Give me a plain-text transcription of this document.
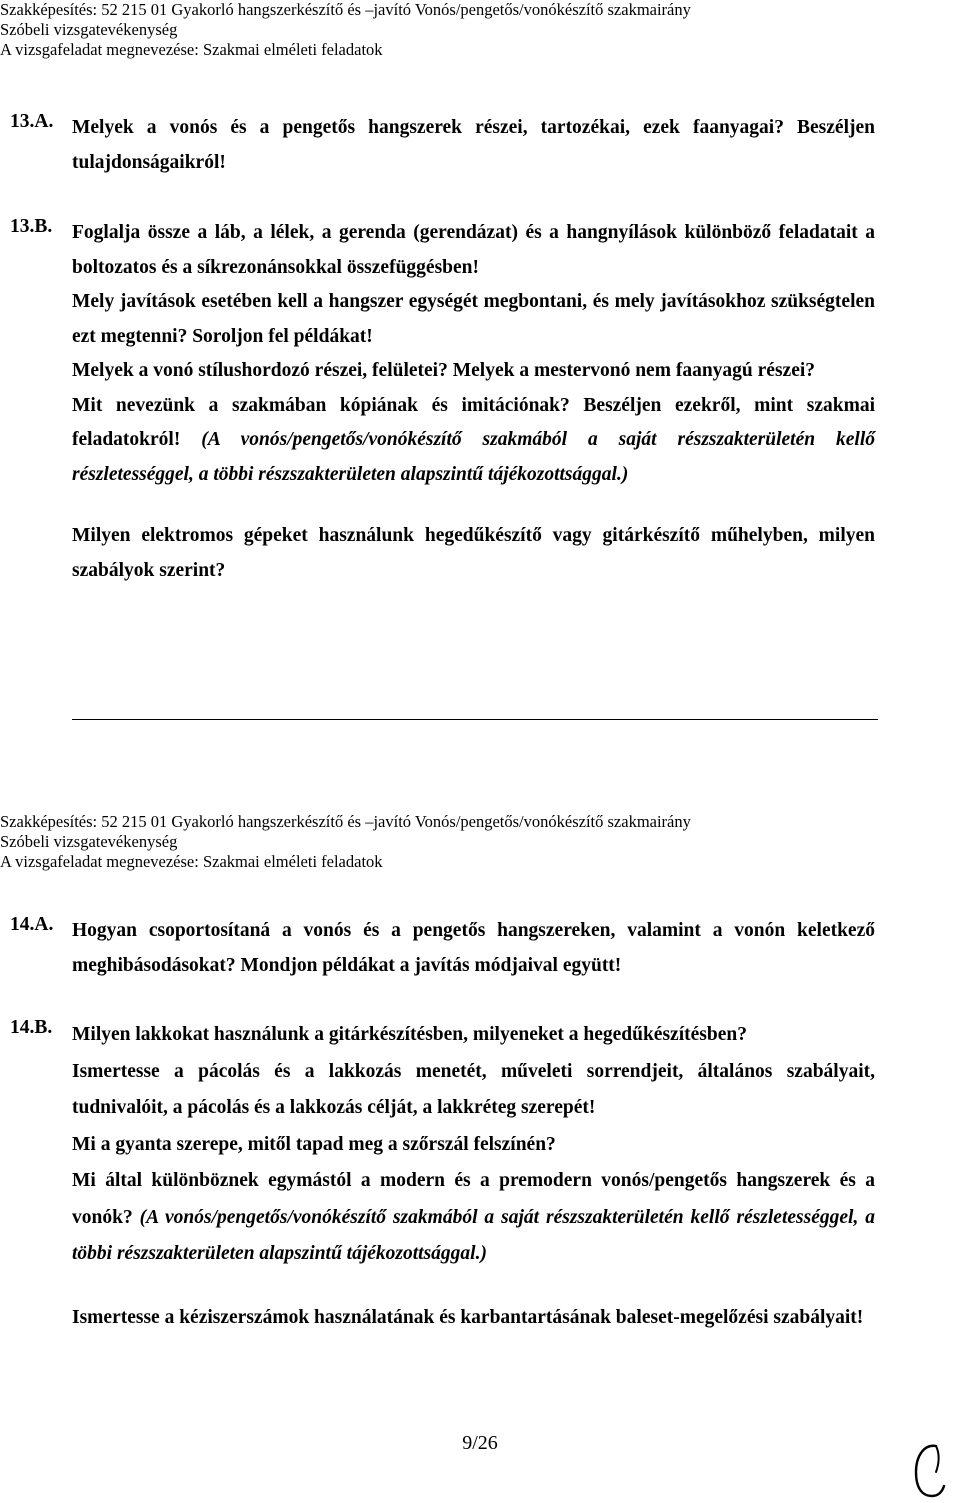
Szakképesítés: 52 215 01 Gyakorló hangszerkészítő és –javító Vonós/pengetős/vonókészítő szakmairány
Szóbeli vizsgatevékenység
A vizsgafeladat megnevezése: Szakmai elméleti feladatok
13.A. Melyek a vonós és a pengetős hangszerek részei, tartozékai, ezek faanyagai? Beszéljen tulajdonságaikról!

13.B. Foglalja össze a láb, a lélek, a gerenda (gerendázat) és a hangnyílások különböző feladatait a boltozatos és a síkrezonánsokkal összefüggésben!

Mely javítások esetében kell a hangszer egységét megbontani, és mely javításokhoz szükségtelen ezt megtenni? Soroljon fel példákat!

Melyek a vonó stílushordozó részei, felületei? Melyek a mestervonó nem faanyagú részei?

Mit nevezünk a szakmában kópiának és imitációnak? Beszéljen ezekről, mint szakmai feladatokról! (A vonós/pengetős/vonókészítő szakmából a saját részszakterületén kellő részletességgel, a többi részszakterületen alapszintű tájékozottsággal.)

Milyen elektromos gépeket használunk hegedűkészítő vagy gitárkészítő műhelyben, milyen szabályok szerint?

Szakképesítés: 52 215 01 Gyakorló hangszerkészítő és –javító Vonós/pengetős/vonókészítő szakmairány
Szóbeli vizsgatevékenység
A vizsgafeladat megnevezése: Szakmai elméleti feladatok
14.A. Hogyan csoportosítaná a vonós és a pengetős hangszereken, valamint a vonón keletkező meghibásodásokat? Mondjon példákat a javítás módjaival együtt!

14.B. Milyen lakkokat használunk a gitárkészítésben, milyeneket a hegedűkészítésben?

Ismertesse a pácolás és a lakkozás menetét, műveleti sorrendjeit, általános szabályait, tudnivalóit, a pácolás és a lakkozás célját, a lakkréteg szerepét!

Mi a gyanta szerepe, mitől tapad meg a szőrszál felszínén?

Mi által különböznek egymástól a modern és a premodern vonós/pengetős hangszerek és a vonók? (A vonós/pengetős/vonókészítő szakmából a saját részszakterületén kellő részletességgel, a többi részszakterületen alapszintű tájékozottsággal.)

Ismertesse a kéziszerszámok használatának és karbantartásának baleset-megelőzési szabályait!

9/26
